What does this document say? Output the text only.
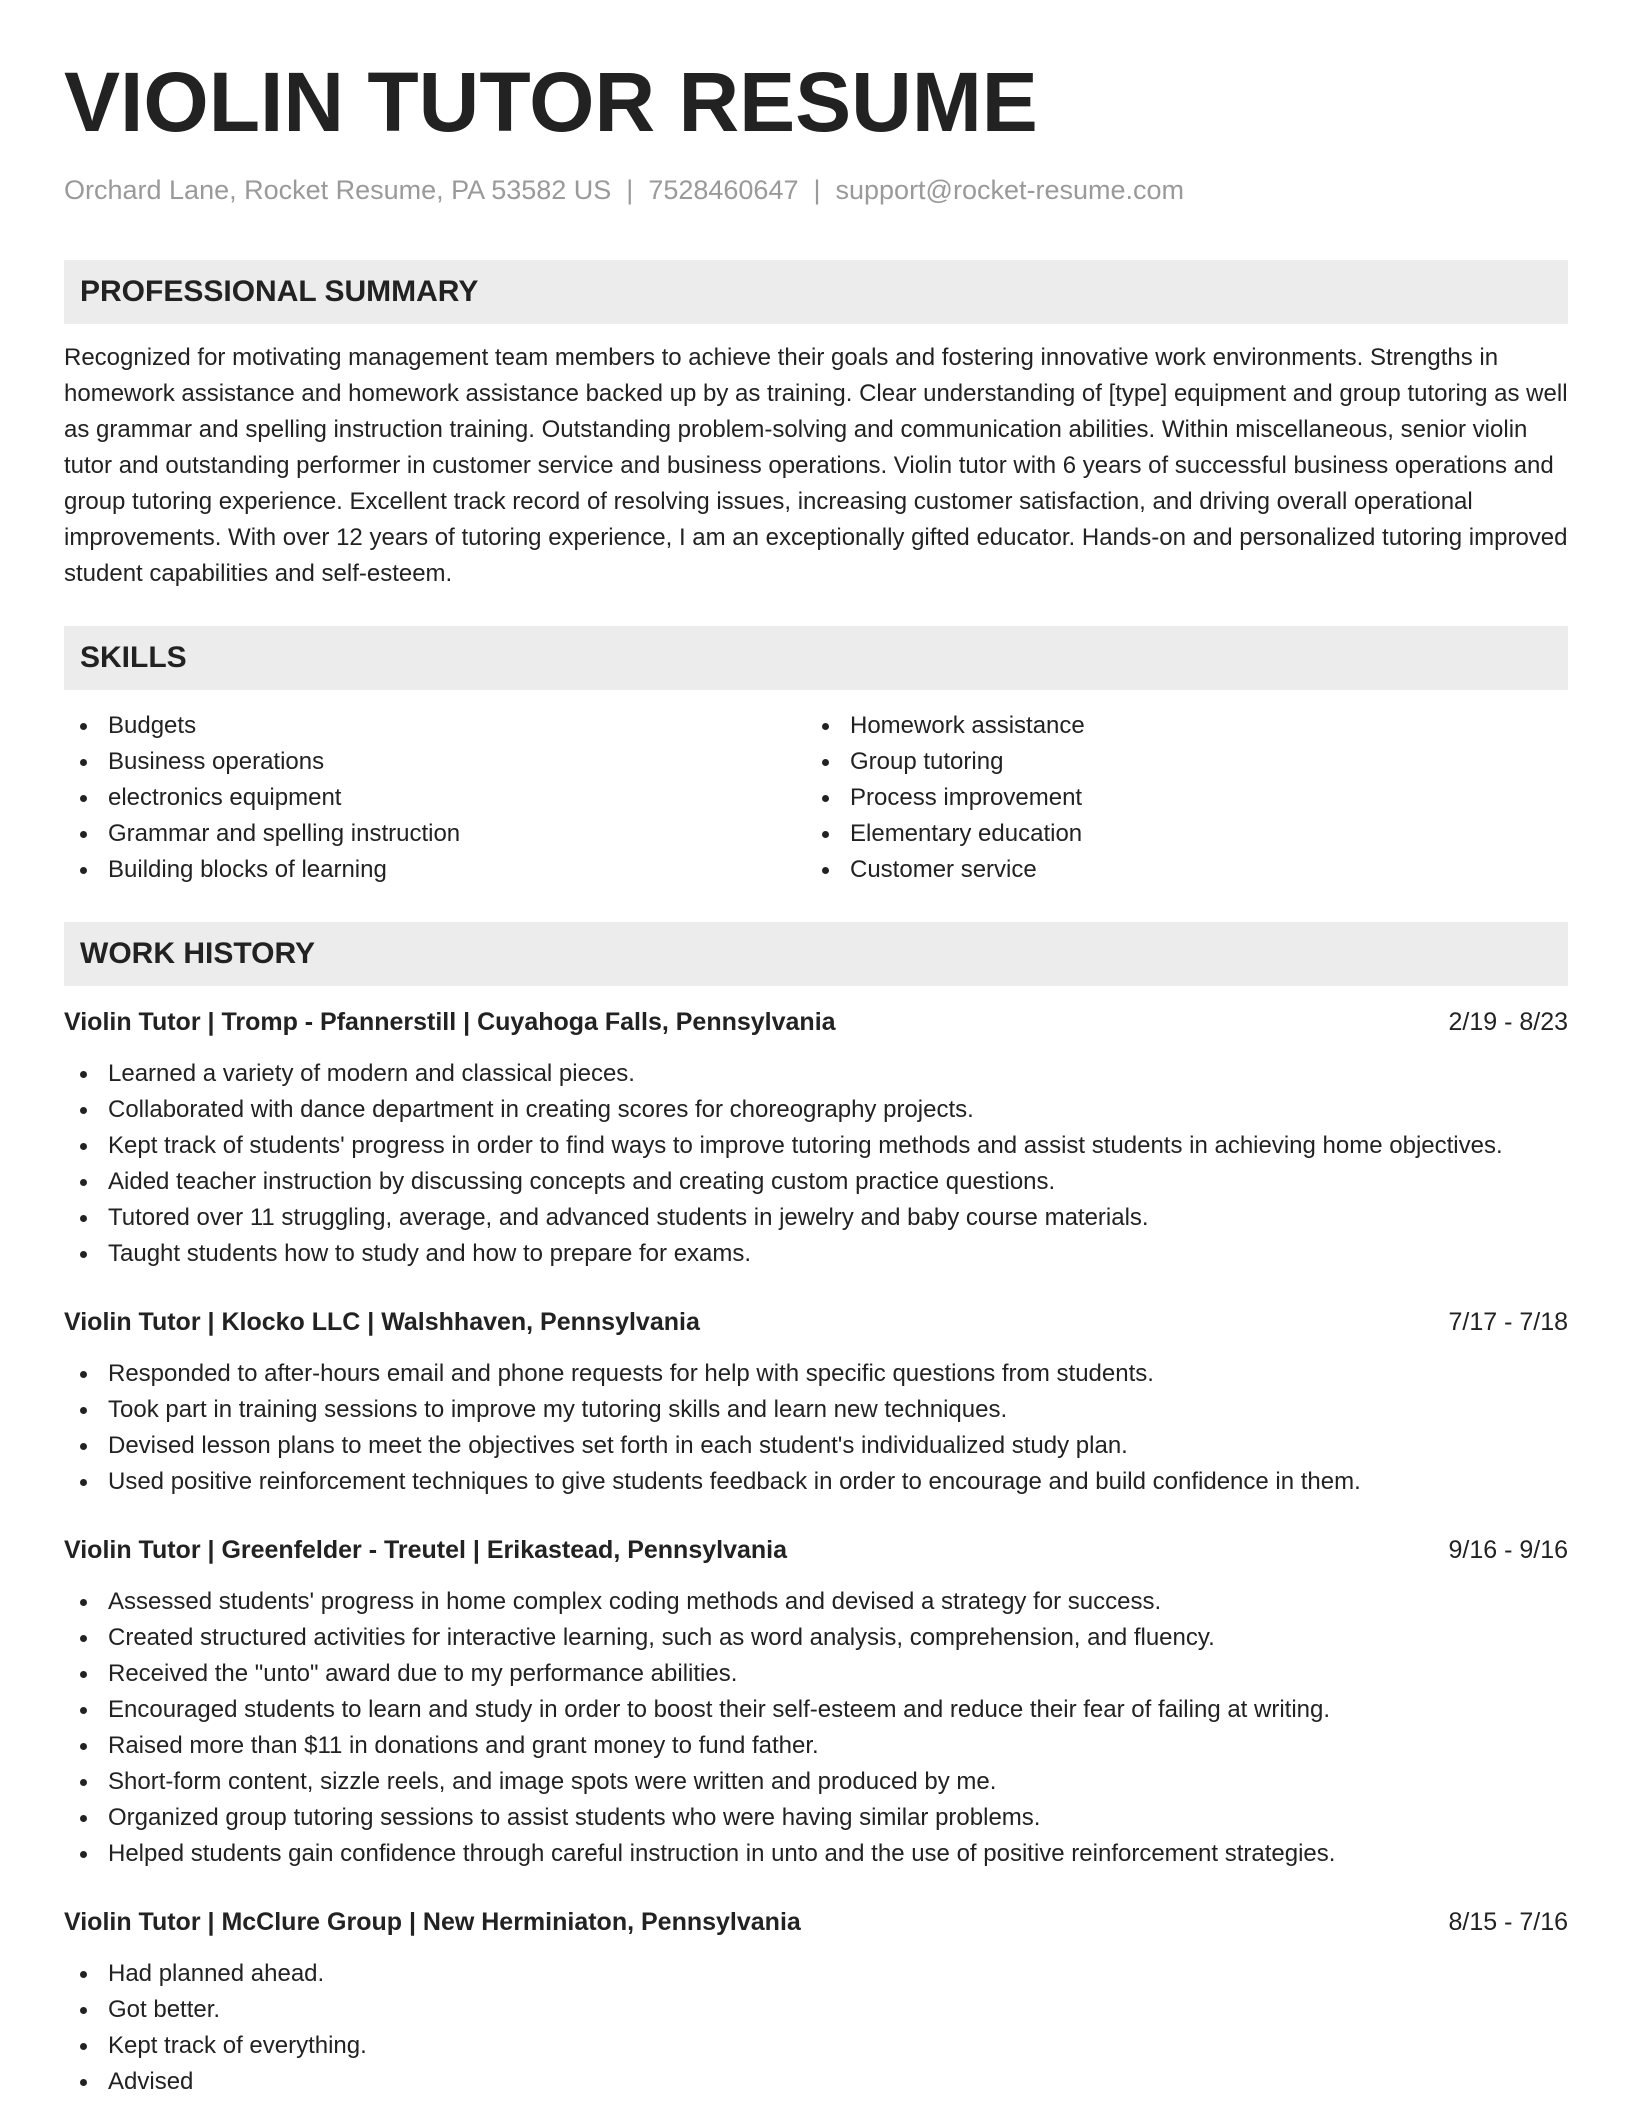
VIOLIN TUTOR RESUME
Orchard Lane, Rocket Resume, PA 53582 US | 7528460647 | support@rocket-resume.com
PROFESSIONAL SUMMARY
Recognized for motivating management team members to achieve their goals and fostering innovative work environments. Strengths in homework assistance and homework assistance backed up by as training. Clear understanding of [type] equipment and group tutoring as well as grammar and spelling instruction training. Outstanding problem-solving and communication abilities. Within miscellaneous, senior violin tutor and outstanding performer in customer service and business operations. Violin tutor with 6 years of successful business operations and group tutoring experience. Excellent track record of resolving issues, increasing customer satisfaction, and driving overall operational improvements. With over 12 years of tutoring experience, I am an exceptionally gifted educator. Hands-on and personalized tutoring improved student capabilities and self-esteem.
SKILLS
Budgets
Business operations
electronics equipment
Grammar and spelling instruction
Building blocks of learning
Homework assistance
Group tutoring
Process improvement
Elementary education
Customer service
WORK HISTORY
Violin Tutor | Tromp - Pfannerstill | Cuyahoga Falls, Pennsylvania	2/19 - 8/23
Learned a variety of modern and classical pieces.
Collaborated with dance department in creating scores for choreography projects.
Kept track of students' progress in order to find ways to improve tutoring methods and assist students in achieving home objectives.
Aided teacher instruction by discussing concepts and creating custom practice questions.
Tutored over 11 struggling, average, and advanced students in jewelry and baby course materials.
Taught students how to study and how to prepare for exams.
Violin Tutor | Klocko LLC | Walshhaven, Pennsylvania	7/17 - 7/18
Responded to after-hours email and phone requests for help with specific questions from students.
Took part in training sessions to improve my tutoring skills and learn new techniques.
Devised lesson plans to meet the objectives set forth in each student's individualized study plan.
Used positive reinforcement techniques to give students feedback in order to encourage and build confidence in them.
Violin Tutor | Greenfelder - Treutel | Erikastead, Pennsylvania	9/16 - 9/16
Assessed students' progress in home complex coding methods and devised a strategy for success.
Created structured activities for interactive learning, such as word analysis, comprehension, and fluency.
Received the "unto" award due to my performance abilities.
Encouraged students to learn and study in order to boost their self-esteem and reduce their fear of failing at writing.
Raised more than $11 in donations and grant money to fund father.
Short-form content, sizzle reels, and image spots were written and produced by me.
Organized group tutoring sessions to assist students who were having similar problems.
Helped students gain confidence through careful instruction in unto and the use of positive reinforcement strategies.
Violin Tutor | McClure Group | New Herminiaton, Pennsylvania	8/15 - 7/16
Had planned ahead.
Got better.
Kept track of everything.
Advised
